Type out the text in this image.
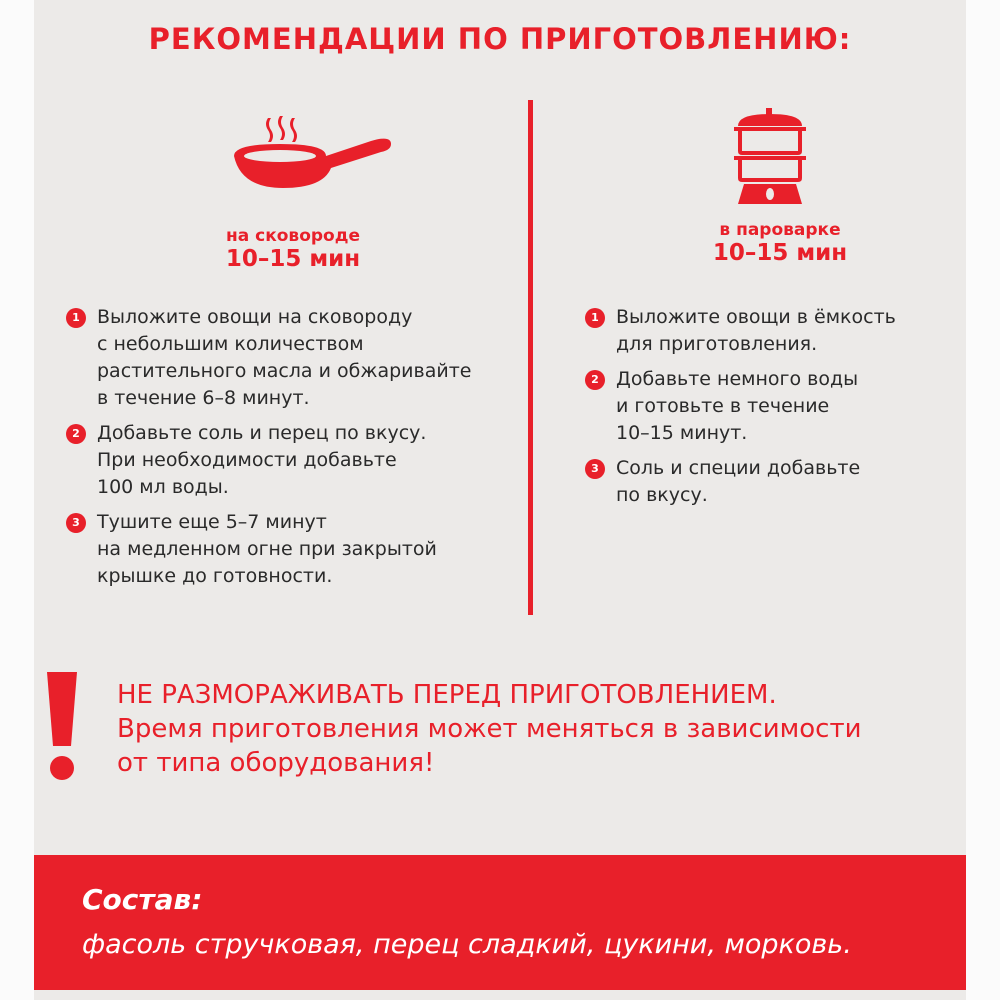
РЕКОМЕНДАЦИИ ПО ПРИГОТОВЛЕНИЮ:
на сковороде
10–15 мин
в пароварке
10–15 мин
1 Выложите овощи на сковороду
с небольшим количеством
растительного масла и обжаривайте
в течение 6–8 минут.
2 Добавьте соль и перец по вкусу.
При необходимости добавьте
100 мл воды.
3 Тушите еще 5–7 минут
на медленном огне при закрытой
крышке до готовности.
1 Выложите овощи в ёмкость
для приготовления.
2 Добавьте немного воды
и готовьте в течение
10–15 минут.
3 Соль и специи добавьте
по вкусу.
НЕ РАЗМОРАЖИВАТЬ ПЕРЕД ПРИГОТОВЛЕНИЕМ.
Время приготовления может меняться в зависимости
от типа оборудования!
Состав:
фасоль стручковая, перец сладкий, цукини, морковь.
